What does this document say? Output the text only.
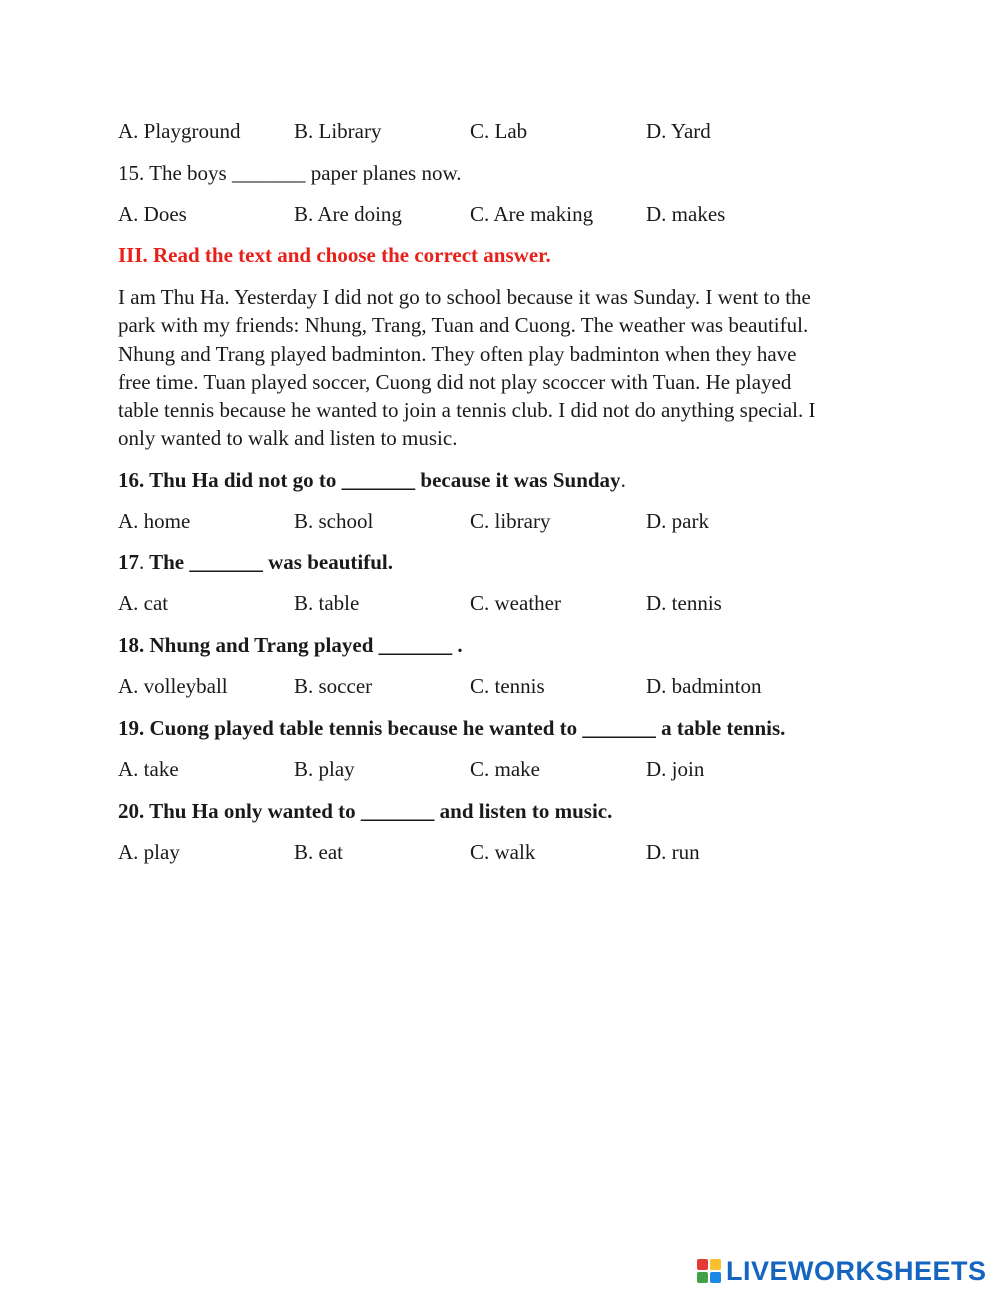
A. Playground	B. Library	C. Lab	D. Yard
15. The boys _______ paper planes now.
A. Does	B. Are doing	C. Are making	D. makes
III. Read the text and choose the correct answer.
I am Thu Ha. Yesterday I did not go to school because it was Sunday. I went to the
park with my friends: Nhung, Trang, Tuan and Cuong. The weather was beautiful.
Nhung and Trang played badminton. They often play badminton when they have
free time. Tuan played soccer, Cuong did not play scoccer with Tuan. He played
table tennis because he wanted to join a tennis club. I did not do anything special. I
only wanted to walk and listen to music.
16. Thu Ha did not go to _______ because it was Sunday.
A. home	B. school	C. library	D. park
17. The _______ was beautiful.
A. cat	B. table	C. weather	D. tennis
18. Nhung and Trang played _______ .
A. volleyball	B. soccer	C. tennis	D. badminton
19. Cuong played table tennis because he wanted to _______ a table tennis.
A. take	B. play	C. make	D. join
20. Thu Ha only wanted to _______ and listen to music.
A. play	B. eat	C. walk	D. run
LIVEWORKSHEETS
